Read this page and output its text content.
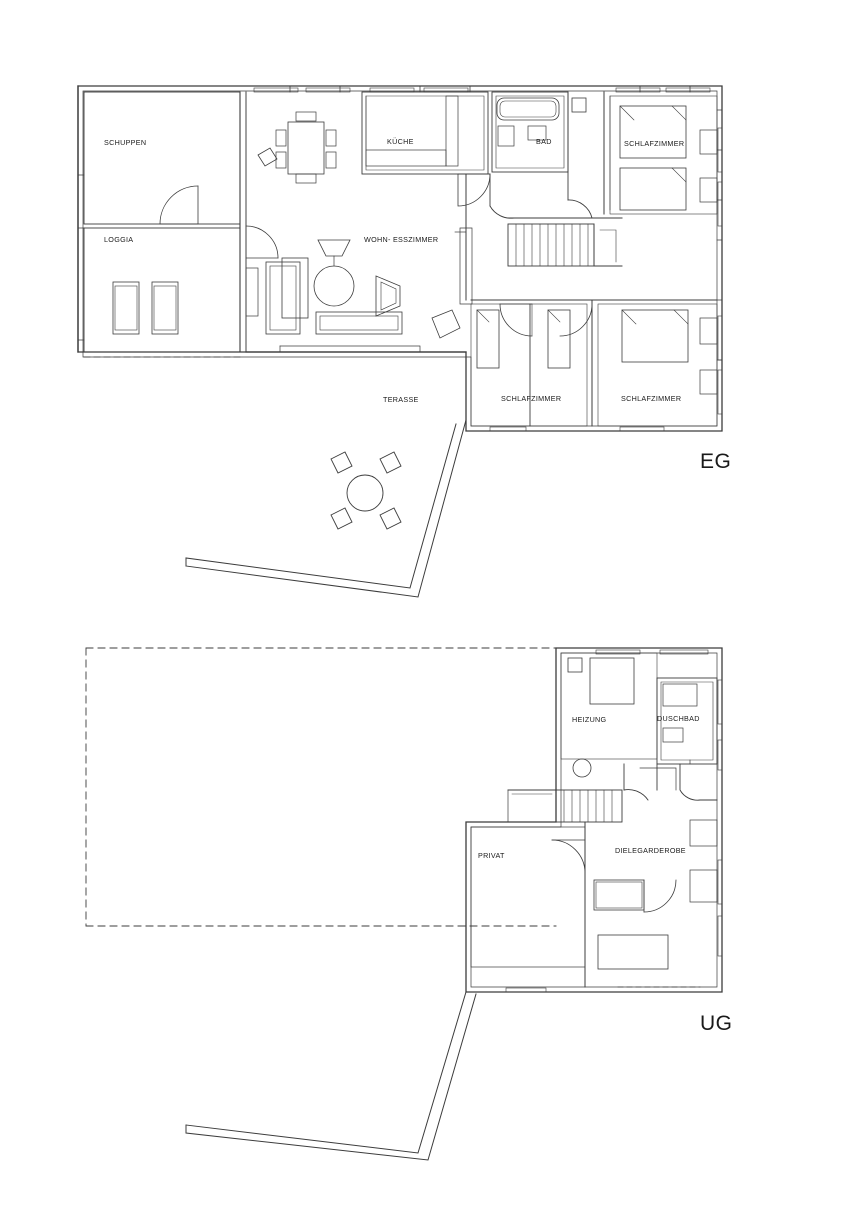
EG
UG
SCHUPPEN
LOGGIA
KÜCHE	BAD	SCHLAFZIMMER
WOHN- ESSZIMMER
TERASSE	SCHLAFZIMMER	SCHLAFZIMMER
HEIZUNG	DUSCHBAD
PRIVAT
DIELEGARDEROBE
